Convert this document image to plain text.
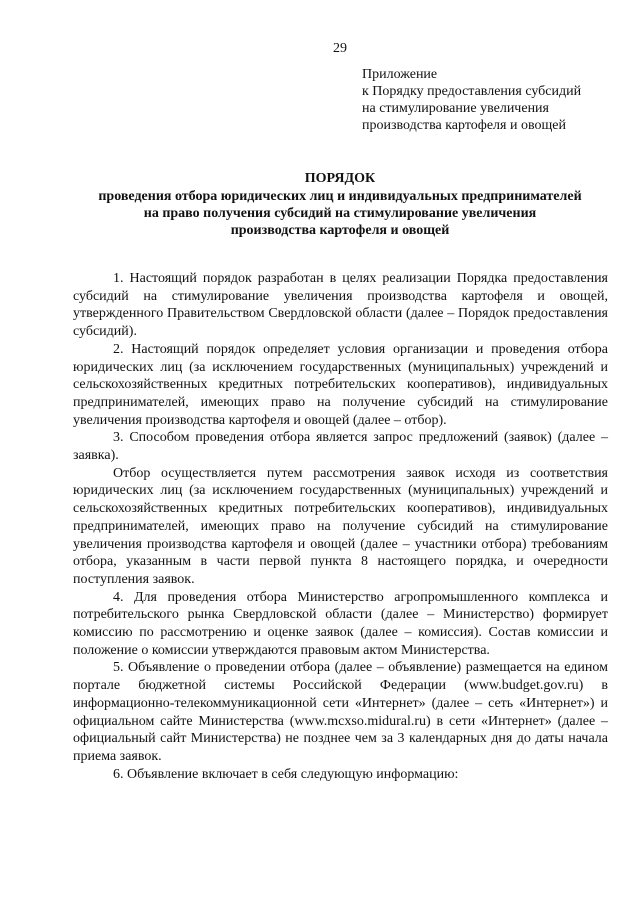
29
Приложение
к Порядку предоставления субсидий
на стимулирование увеличения
производства картофеля и овощей
ПОРЯДОК
проведения отбора юридических лиц и индивидуальных предпринимателей
на право получения субсидий на стимулирование увеличения
производства картофеля и овощей

1. Настоящий порядок разработан в целях реализации Порядка предоставления субсидий на стимулирование увеличения производства картофеля и овощей, утвержденного Правительством Свердловской области (далее – Порядок предоставления субсидий).

2. Настоящий порядок определяет условия организации и проведения отбора юридических лиц (за исключением государственных (муниципальных) учреждений и сельскохозяйственных кредитных потребительских кооперативов), индивидуальных предпринимателей, имеющих право на получение субсидий на стимулирование увеличения производства картофеля и овощей (далее – отбор).

3. Способом проведения отбора является запрос предложений (заявок) (далее – заявка).

Отбор осуществляется путем рассмотрения заявок исходя из соответствия юридических лиц (за исключением государственных (муниципальных) учреждений и сельскохозяйственных кредитных потребительских кооперативов), индивидуальных предпринимателей, имеющих право на получение субсидий на стимулирование увеличения производства картофеля и овощей (далее – участники отбора) требованиям отбора, указанным в части первой пункта 8 настоящего порядка, и очередности поступления заявок.

4. Для проведения отбора Министерство агропромышленного комплекса и потребительского рынка Свердловской области (далее – Министерство) формирует комиссию по рассмотрению и оценке заявок (далее – комиссия). Состав комиссии и положение о комиссии утверждаются правовым актом Министерства.

5. Объявление о проведении отбора (далее – объявление) размещается на едином портале бюджетной системы Российской Федерации (www.budget.gov.ru) в информационно-телекоммуникационной сети «Интернет» (далее – сеть «Интернет») и официальном сайте Министерства (www.mcxso.midural.ru) в сети «Интернет» (далее – официальный сайт Министерства) не позднее чем за 3 календарных дня до даты начала приема заявок.

6. Объявление включает в себя следующую информацию:
